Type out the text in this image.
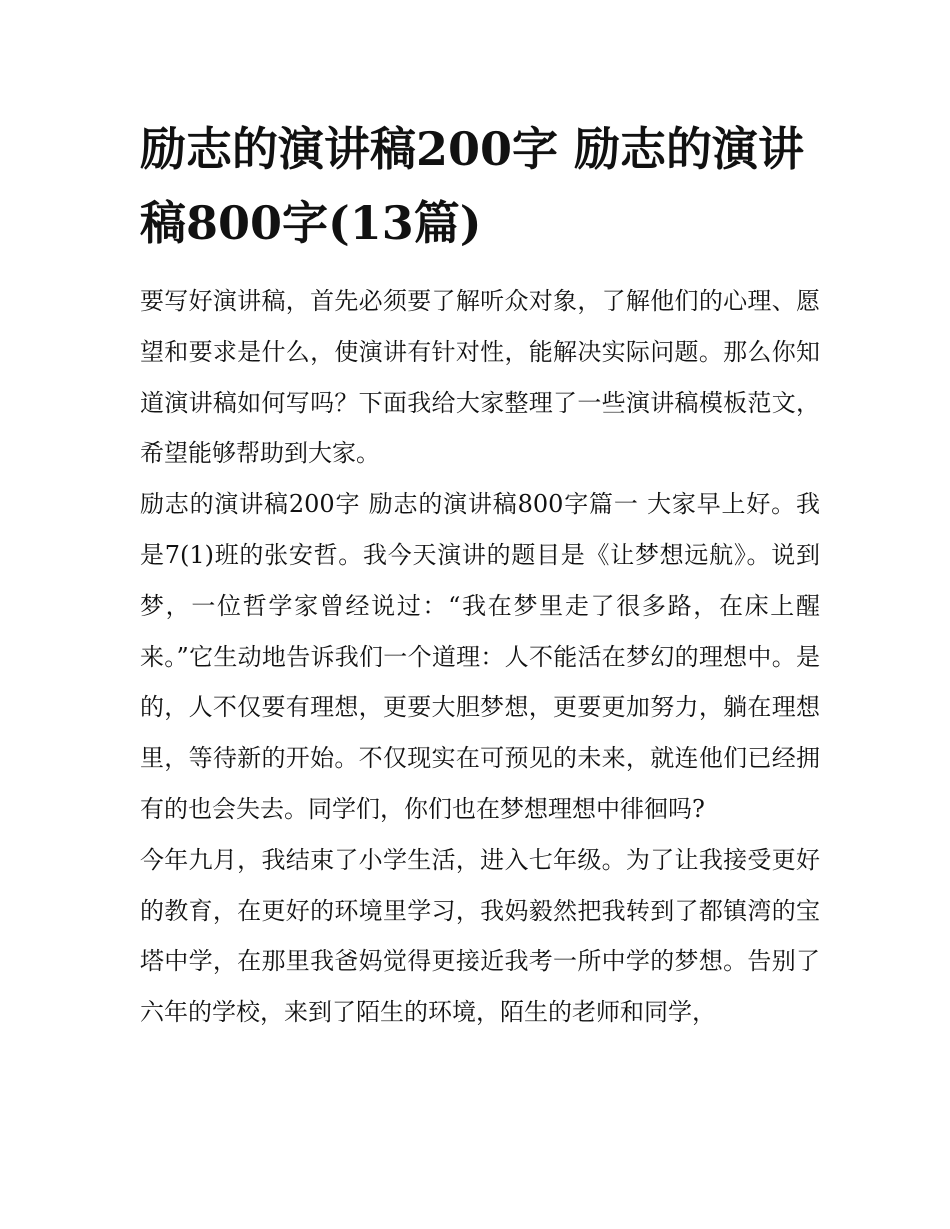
励志的演讲稿200字 励志的演讲稿800字(13篇)

要写好演讲稿，首先必须要了解听众对象，了解他们的心理、愿望和要求是什么，使演讲有针对性，能解决实际问题。那么你知道演讲稿如何写吗？下面我给大家整理了一些演讲稿模板范文，希望能够帮助到大家。

励志的演讲稿200字 励志的演讲稿800字篇一 大家早上好。我是7(1)班的张安哲。我今天演讲的题目是《让梦想远航》。说到梦，一位哲学家曾经说过：“我在梦里走了很多路，在床上醒来。”它生动地告诉我们一个道理：人不能活在梦幻的理想中。是的，人不仅要有理想，更要大胆梦想，更要更加努力，躺在理想里，等待新的开始。不仅现实在可预见的未来，就连他们已经拥有的也会失去。同学们，你们也在梦想理想中徘徊吗?

今年九月，我结束了小学生活，进入七年级。为了让我接受更好的教育，在更好的环境里学习，我妈毅然把我转到了都镇湾的宝塔中学，在那里我爸妈觉得更接近我考一所中学的梦想。告别了六年的学校，来到了陌生的环境，陌生的老师和同学，
